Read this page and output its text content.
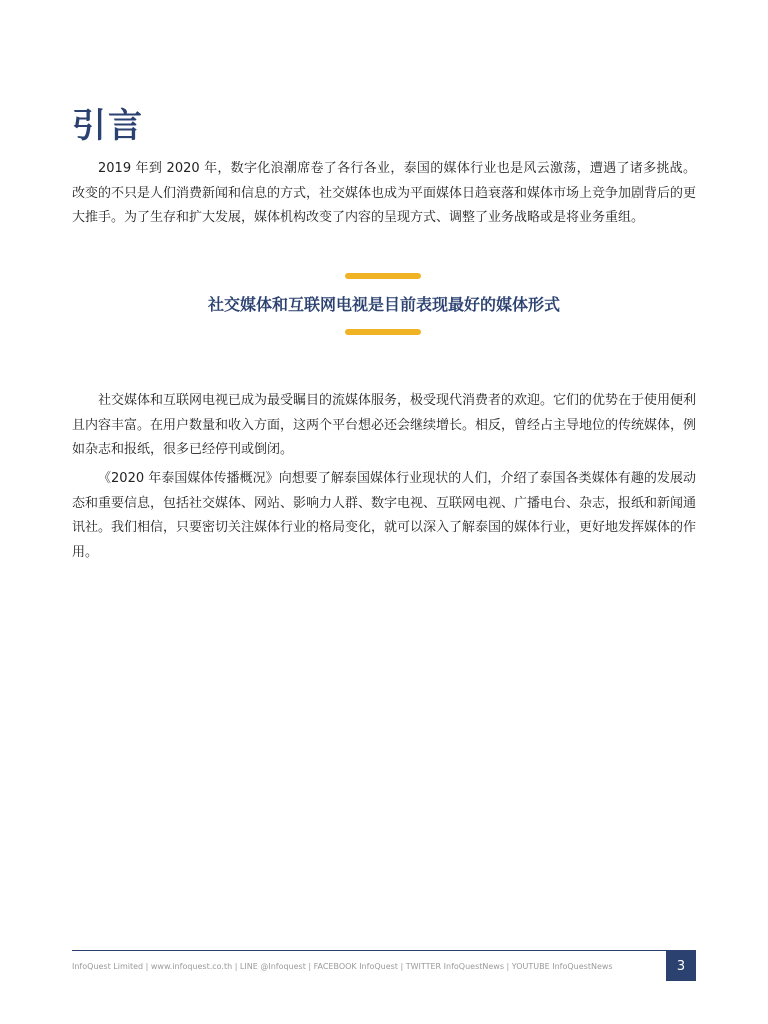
引言

2019 年到 2020 年，数字化浪潮席卷了各行各业，泰国的媒体行业也是风云激荡，遭遇了诸多挑战。改变的不只是人们消费新闻和信息的方式，社交媒体也成为平面媒体日趋衰落和媒体市场上竞争加剧背后的更大推手。为了生存和扩大发展，媒体机构改变了内容的呈现方式、调整了业务战略或是将业务重组。

社交媒体和互联网电视是目前表现最好的媒体形式

社交媒体和互联网电视已成为最受瞩目的流媒体服务，极受现代消费者的欢迎。它们的优势在于使用便利且内容丰富。在用户数量和收入方面，这两个平台想必还会继续增长。相反，曾经占主导地位的传统媒体，例如杂志和报纸，很多已经停刊或倒闭。

《2020 年泰国媒体传播概况》向想要了解泰国媒体行业现状的人们，介绍了泰国各类媒体有趣的发展动态和重要信息，包括社交媒体、网站、影响力人群、数字电视、互联网电视、广播电台、杂志，报纸和新闻通讯社。我们相信，只要密切关注媒体行业的格局变化，就可以深入了解泰国的媒体行业，更好地发挥媒体的作用。

InfoQuest Limited | www.infoquest.co.th | LINE @Infoquest | FACEBOOK InfoQuest | TWITTER InfoQuestNews | YOUTUBE InfoQuestNews	3
